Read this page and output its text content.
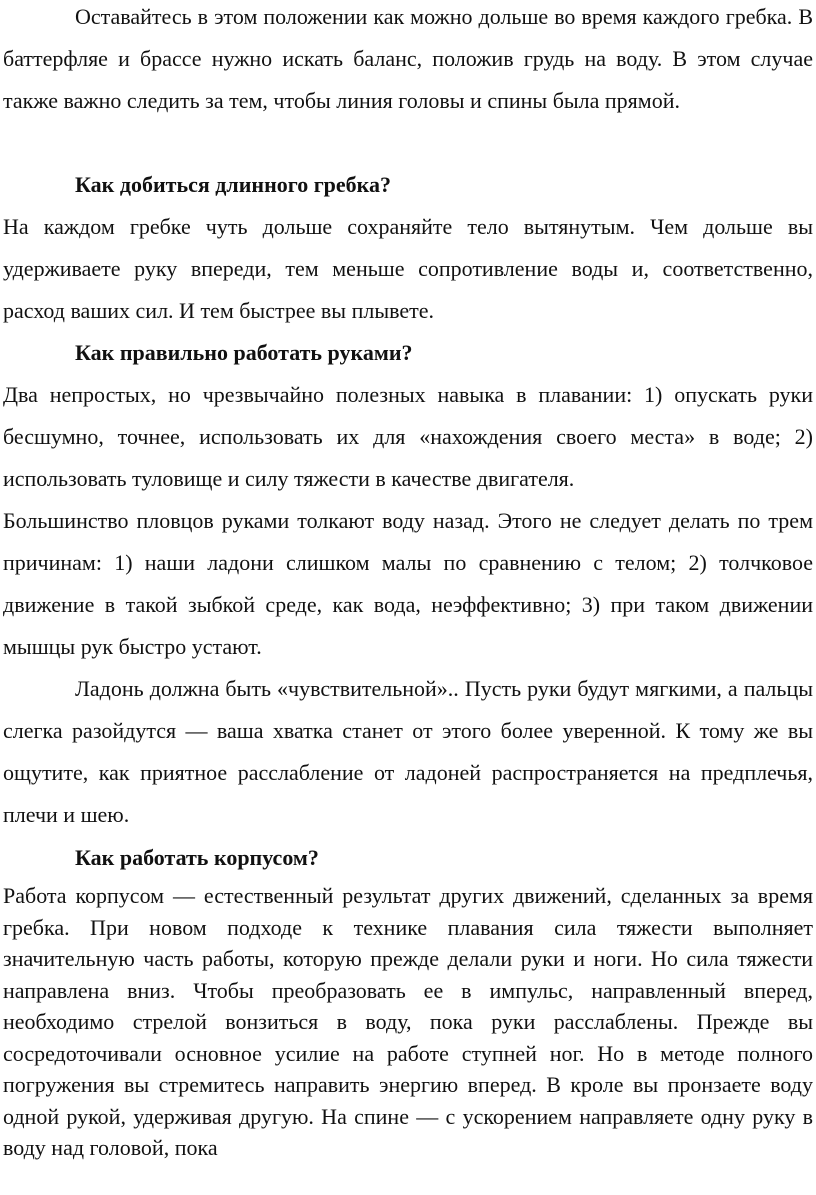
Оставайтесь в этом положении как можно дольше во время каждого гребка. В баттерфляе и брассе нужно искать баланс, положив грудь на воду. В этом случае также важно следить за тем, чтобы линия головы и спины была прямой.

Как добиться длинного гребка?

На каждом гребке чуть дольше сохраняйте тело вытянутым. Чем дольше вы удерживаете руку впереди, тем меньше сопротивление воды и, соответственно, расход ваших сил. И тем быстрее вы плывете.

Как правильно работать руками?

Два непростых, но чрезвычайно полезных навыка в плавании: 1) опускать руки бесшумно, точнее, использовать их для «нахождения своего места» в воде; 2) использовать туловище и силу тяжести в качестве двигателя.

Большинство пловцов руками толкают воду назад. Этого не следует делать по трем причинам: 1) наши ладони слишком малы по сравнению с телом; 2) толчковое движение в такой зыбкой среде, как вода, неэффективно; 3) при таком движении мышцы рук быстро устают.

Ладонь должна быть «чувствительной».. Пусть руки будут мягкими, а пальцы слегка разойдутся — ваша хватка станет от этого более уверенной. К тому же вы ощутите, как приятное расслабление от ладоней распространяется на предплечья, плечи и шею.

Как работать корпусом?

Работа корпусом — естественный результат других движений, сделанных за время гребка. При новом подходе к технике плавания сила тяжести выполняет значительную часть работы, которую прежде делали руки и ноги. Но сила тяжести направлена вниз. Чтобы преобразовать ее в импульс, направленный вперед, необходимо стрелой вонзиться в воду, пока руки расслаблены. Прежде вы сосредоточивали основное усилие на работе ступней ног. Но в методе полного погружения вы стремитесь направить энергию вперед. В кроле вы пронзаете воду одной рукой, удерживая другую. На спине — с ускорением направляете одну руку в воду над головой, пока
